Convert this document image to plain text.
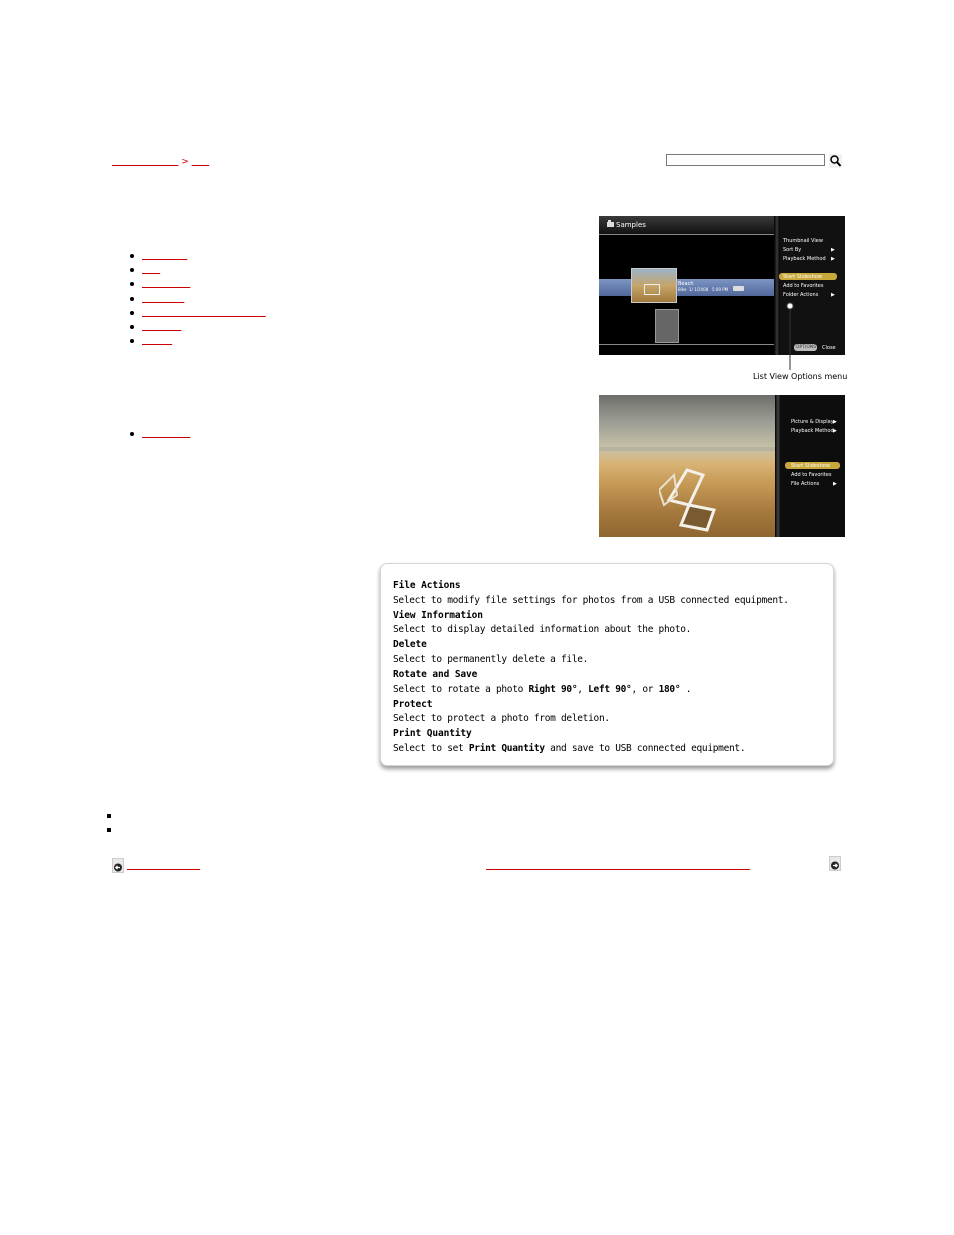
>

Samples
Beach
Bike 1/ 1/2008 5:00 PM
Thumbnail View
Sort By	▶
Playback Method ▶
Start Slideshow
Add to Favorites
Folder Actions	▶
OPTIONS Close
List View Options menu
Picture & Display ▶
Playback Method ▶
Start Slideshow
Add to Favorites
File Actions	▶
File Actions
Select to modify file settings for photos from a USB connected equipment.
View Information
Select to display detailed information about the photo.
Delete
Select to permanently delete a file.
Rotate and Save
Select to rotate a photo Right 90°, Left 90°, or 180° .
Protect
Select to protect a photo from deletion.
Print Quantity
Select to set Print Quantity and save to USB connected equipment.
